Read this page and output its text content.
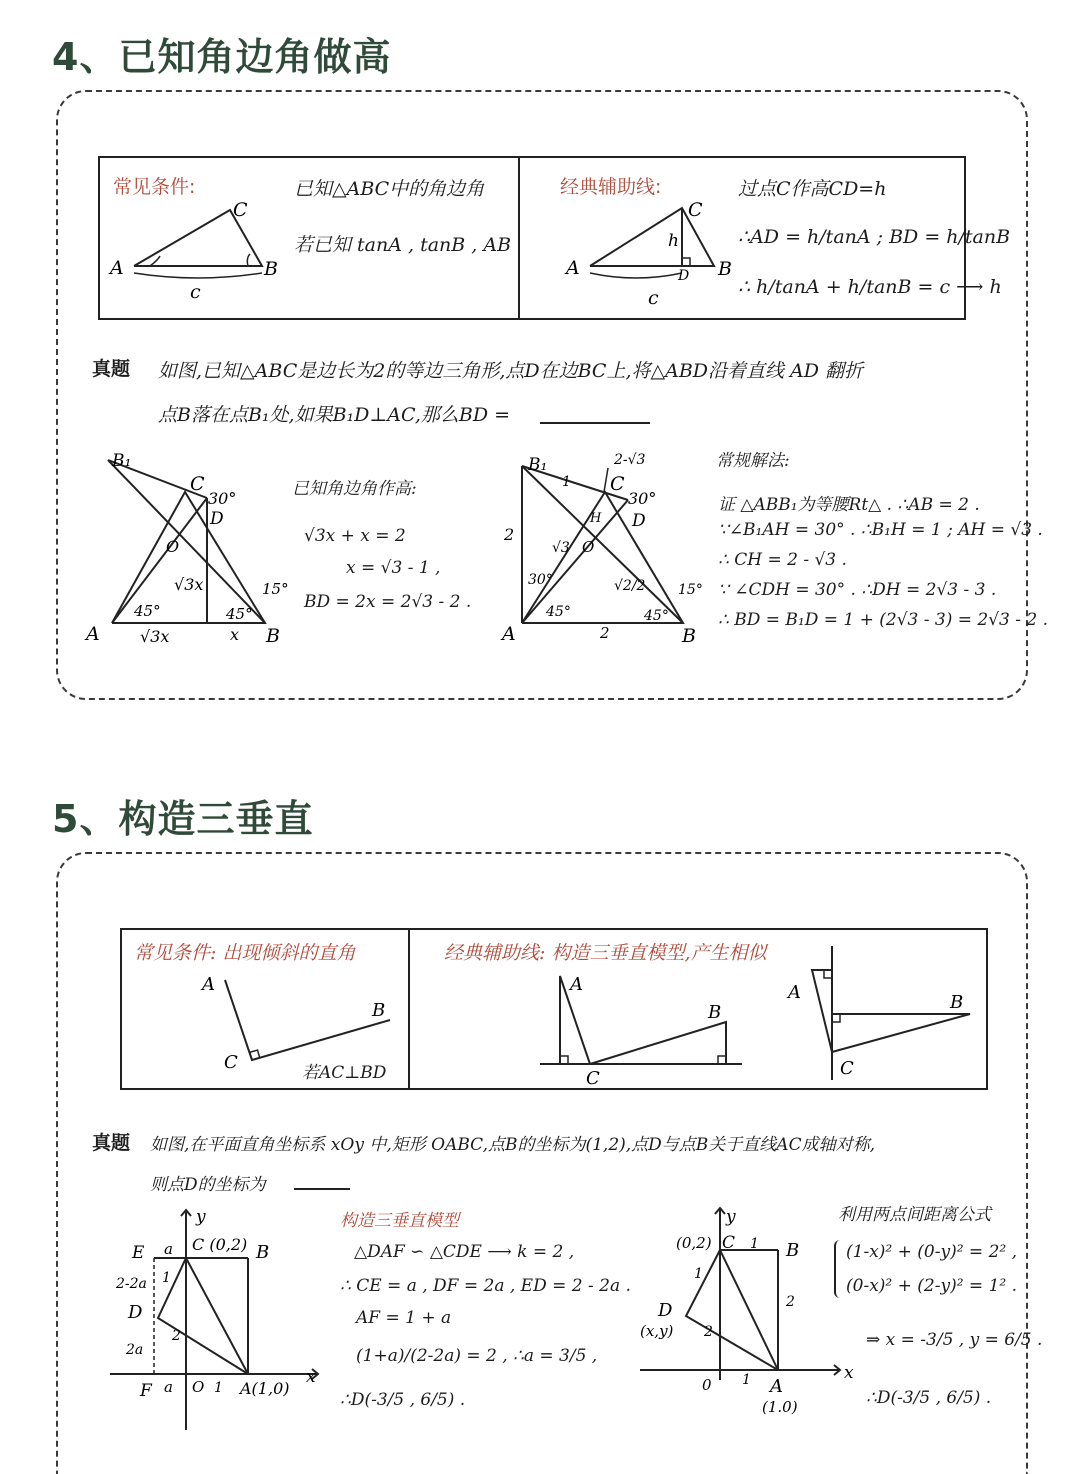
4、已知角边角做高
常见条件:	已知△ABC中的角边角
若已知 tanA , tanB , AB
A	B
C
c
经典辅助线:	过点C作高CD=h
∴AD = h/tanA ; BD = h/tanB
∴ h/tanA + h/tanB = c ⟶ h
A	B
C
h
D
c
真题 如图,已知△ABC是边长为2的等边三角形,点D在边BC上,将△ABD沿着直线 AD 翻折
点B落在点B₁处,如果B₁D⊥AC,那么BD =
B₁
C
30°
D
O
√3x
45°	45°
15°
A	B
√3x	x
已知角边角作高:
√3x + x = 2
x = √3 - 1 ,
BD = 2x = 2√3 - 2 .
B₁
1
2-√3
C
30°
H D
2
√3 O
√2/2
30°
45°	45°
15°
A	2	B
常规解法:
证 △ABB₁为等腰Rt△ . ∴AB = 2 .
∵∠B₁AH = 30° . ∴B₁H = 1 ; AH = √3 .
∴ CH = 2 - √3 .
∵ ∠CDH = 30° . ∴DH = 2√3 - 3 .
∴ BD = B₁D = 1 + (2√3 - 3) = 2√3 - 2 .
5、构造三垂直
常见条件: 出现倾斜的直角
A
B
C	若AC⊥BD
经典辅助线: 构造三垂直模型,产生相似
A
B
C
A	B
C
真题 如图,在平面直角坐标系 xOy 中,矩形 OABC,点B的坐标为(1,2),点D与点B关于直线AC成轴对称,
则点D的坐标为
y
E a C (0,2) B
2-2a 1
D
2
2a
F a O 1 A(1,0)
x
构造三垂直模型
△DAF ∽ △CDE ⟶ k = 2 ,
∴ CE = a , DF = 2a , ED = 2 - 2a .
AF = 1 + a
(1+a)/(2-2a) = 2 , ∴a = 3/5 ,
∴D(-3/5 , 6/5) .
y
(0,2) C 1 B
1
2
D
(x,y) 2
0 1 A
(1.0)
x
利用两点间距离公式
(1-x)² + (0-y)² = 2² ,
(0-x)² + (2-y)² = 1² .
⇒ x = -3/5 , y = 6/5 .
∴D(-3/5 , 6/5) .
